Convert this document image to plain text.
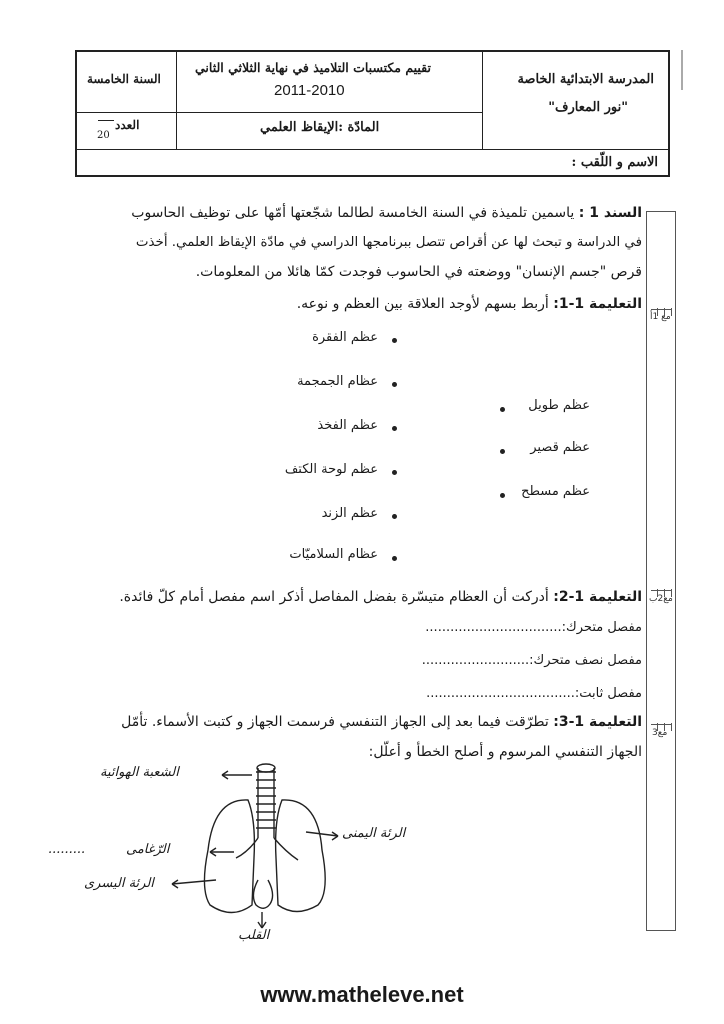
المدرسة الابتدائية الخاصة
"نور المعارف"
تقييم مكتسبات التلاميذ في نهاية الثلاثي الثاني
2011-2010
المادّة :الإيقاظ العلمي
السنة الخامسة
العدد
20
الاسم و اللّقب :
مع 1أ
مع2ب
مع3
السند 1 : ياسمين تلميذة في السنة الخامسة لطالما شجّعتها أمّها على توظيف الحاسوب
في الدراسة و تبحث لها عن أقراص تتصل ببرنامجها الدراسي في مادّة الإيقاظ العلمي. أخذت
قرص "جسم الإنسان" ووضعته في الحاسوب فوجدت كمّا هائلا من المعلومات.
التعليمة 1-1: أربط بسهم لأوجد العلاقة بين العظم و نوعه.
عظم الفقرة
عظام الجمجمة
عظم الفخذ
عظم لوحة الكتف
عظم الزند
عظام السلاميّات
عظم طويل
عظم قصير
عظم مسطح
التعليمة 1-2: أدركت أن العظام متيسّرة بفضل المفاصل أذكر اسم مفصل أمام كلّ فائدة.
مفصل متحرك:.................................
مفصل نصف متحرك:..........................
مفصل ثابت:....................................
التعليمة 1-3: تطرّقت فيما بعد إلى الجهاز التنفسي فرسمت الجهاز و كتبت الأسماء. تأمّل
الجهاز التنفسي المرسوم و أصلح الخطأ و أعلّل:
الشعبة الهوائية
الرئة اليمنى
.........	الرّغامى
الرئة اليسرى
القلب
www.matheleve.net
